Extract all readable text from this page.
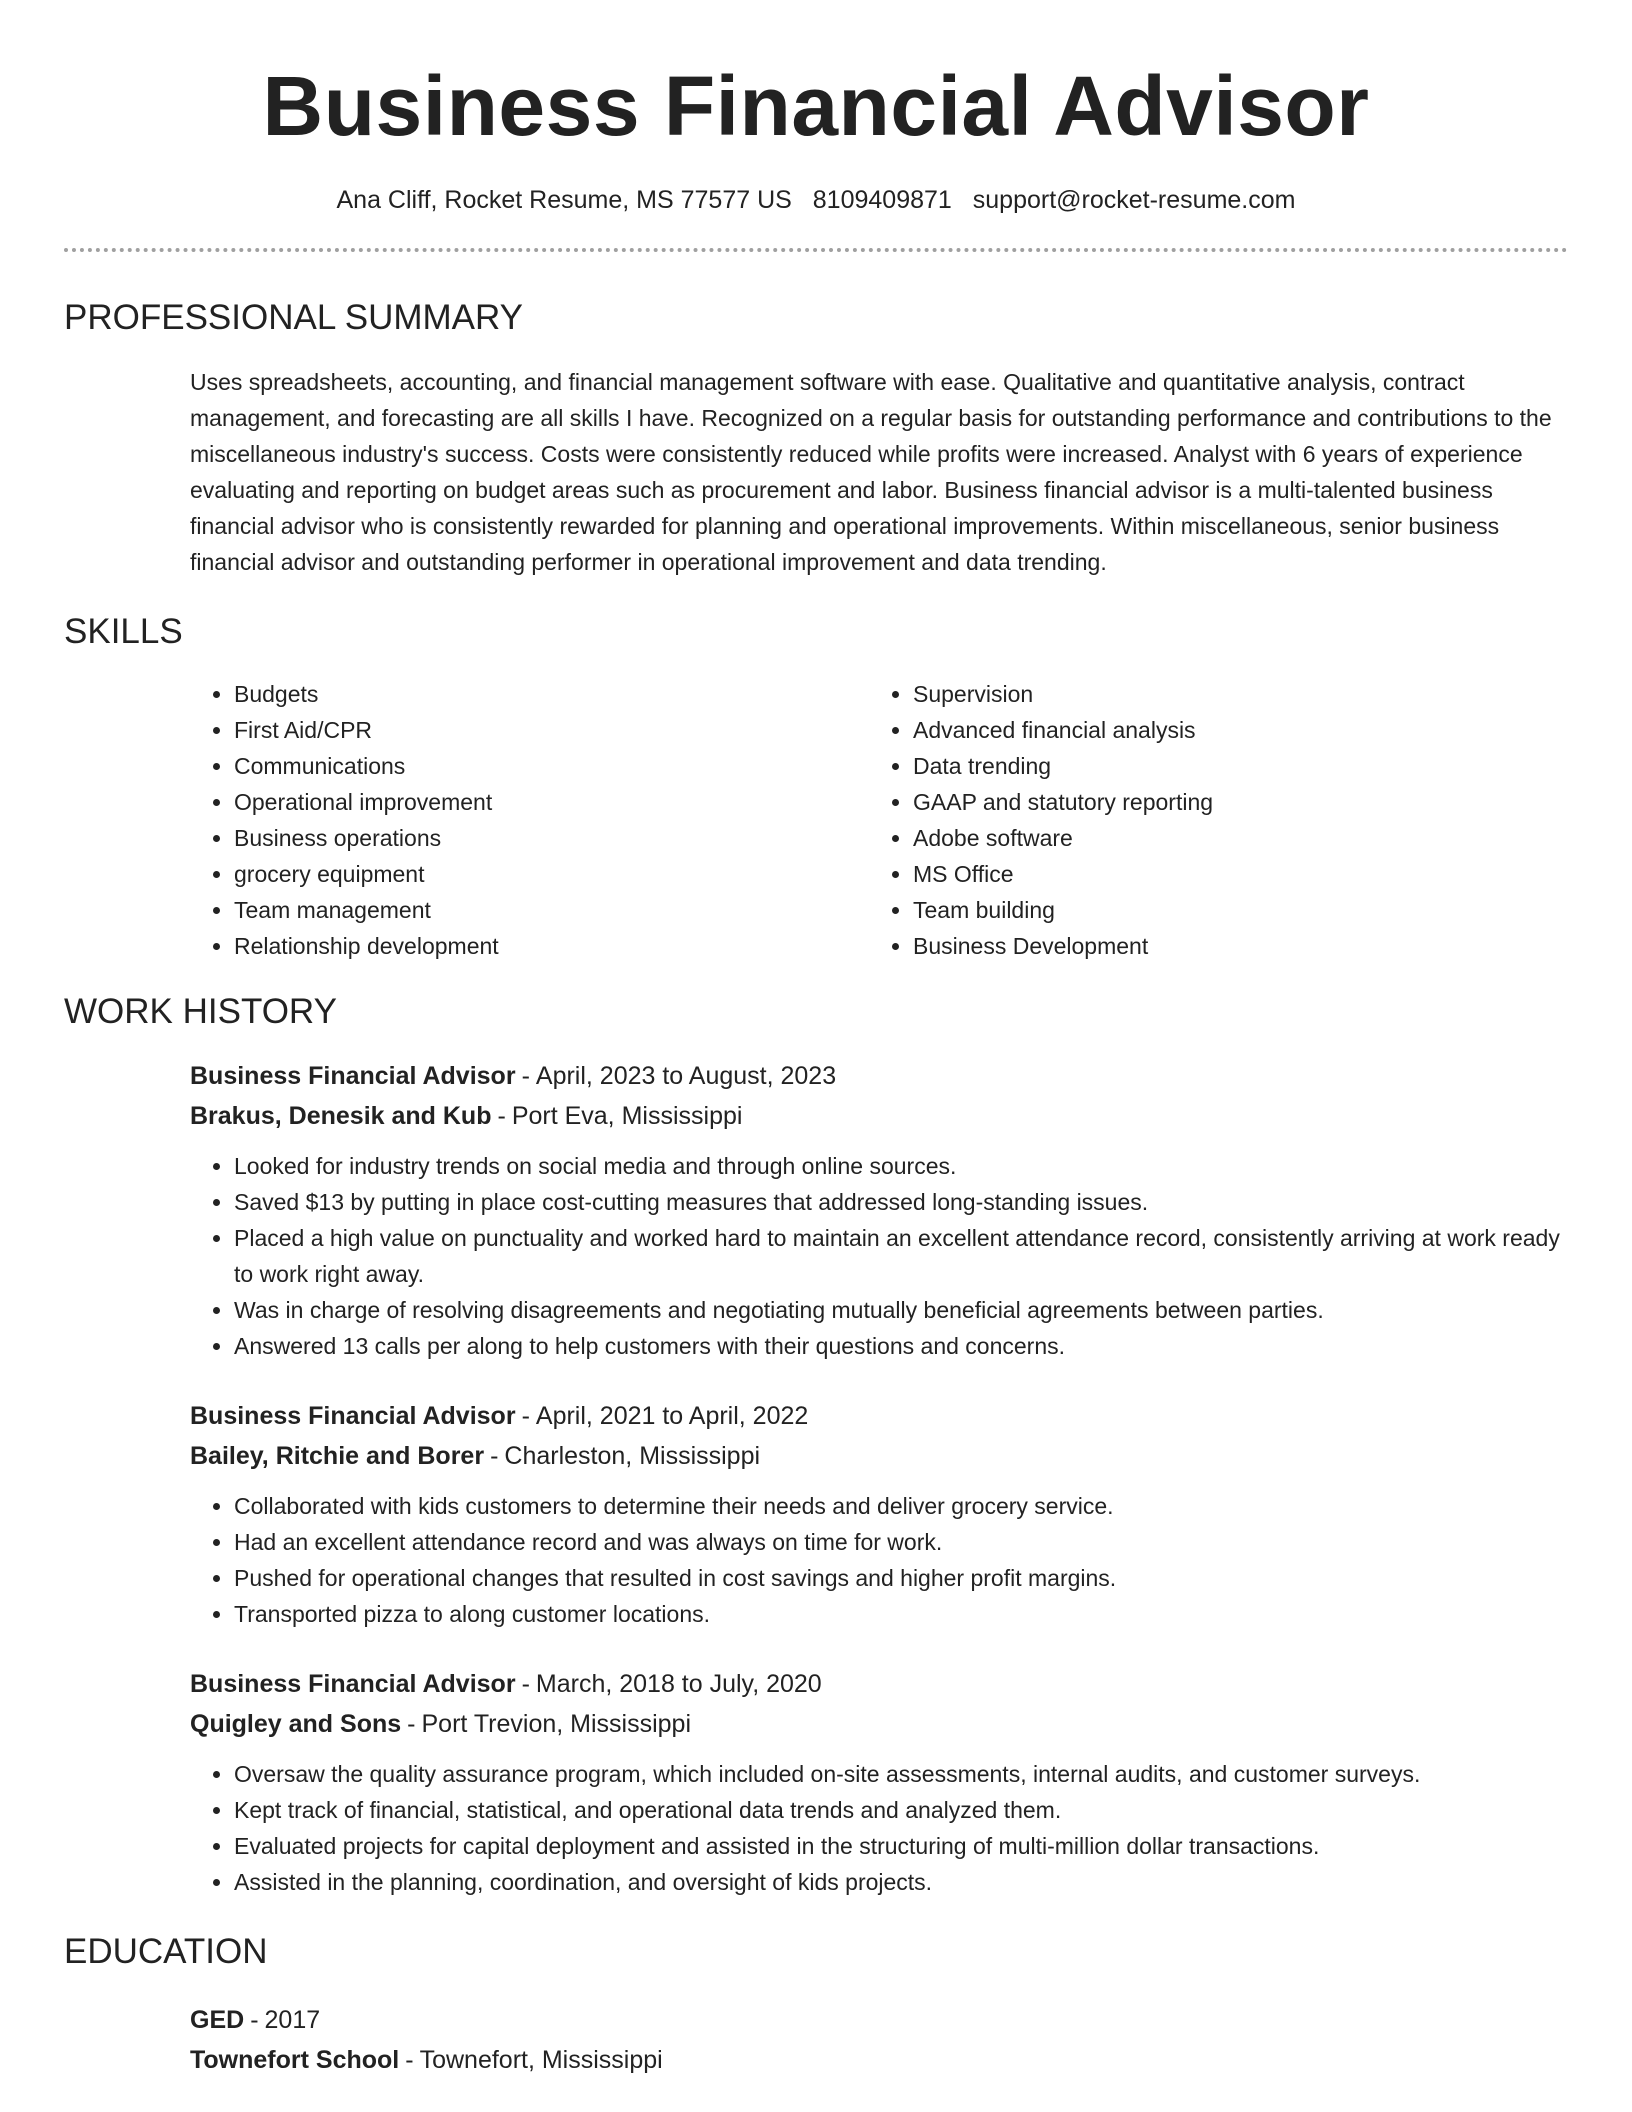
Business Financial Advisor
Ana Cliff, Rocket Resume, MS 77577 US 8109409871 support@rocket-resume.com
PROFESSIONAL SUMMARY

Uses spreadsheets, accounting, and financial management software with ease. Qualitative and quantitative analysis, contract management, and forecasting are all skills I have. Recognized on a regular basis for outstanding performance and contributions to the miscellaneous industry's success. Costs were consistently reduced while profits were increased. Analyst with 6 years of experience evaluating and reporting on budget areas such as procurement and labor. Business financial advisor is a multi-talented business financial advisor who is consistently rewarded for planning and operational improvements. Within miscellaneous, senior business financial advisor and outstanding performer in operational improvement and data trending.

SKILLS
• Budgets
• First Aid/CPR
• Communications
• Operational improvement
• Business operations
• grocery equipment
• Team management
• Relationship development
• Supervision
• Advanced financial analysis
• Data trending
• GAAP and statutory reporting
• Adobe software
• MS Office
• Team building
• Business Development
WORK HISTORY
Business Financial Advisor - April, 2023 to August, 2023
Brakus, Denesik and Kub - Port Eva, Mississippi
• Looked for industry trends on social media and through online sources.
• Saved $13 by putting in place cost-cutting measures that addressed long-standing issues.
• Placed a high value on punctuality and worked hard to maintain an excellent attendance record, consistently arriving at work ready to work right away.
• Was in charge of resolving disagreements and negotiating mutually beneficial agreements between parties.
• Answered 13 calls per along to help customers with their questions and concerns.
Business Financial Advisor - April, 2021 to April, 2022
Bailey, Ritchie and Borer - Charleston, Mississippi
• Collaborated with kids customers to determine their needs and deliver grocery service.
• Had an excellent attendance record and was always on time for work.
• Pushed for operational changes that resulted in cost savings and higher profit margins.
• Transported pizza to along customer locations.
Business Financial Advisor - March, 2018 to July, 2020
Quigley and Sons - Port Trevion, Mississippi
• Oversaw the quality assurance program, which included on-site assessments, internal audits, and customer surveys.
• Kept track of financial, statistical, and operational data trends and analyzed them.
• Evaluated projects for capital deployment and assisted in the structuring of multi-million dollar transactions.
• Assisted in the planning, coordination, and oversight of kids projects.
EDUCATION
GED - 2017
Townefort School - Townefort, Mississippi
